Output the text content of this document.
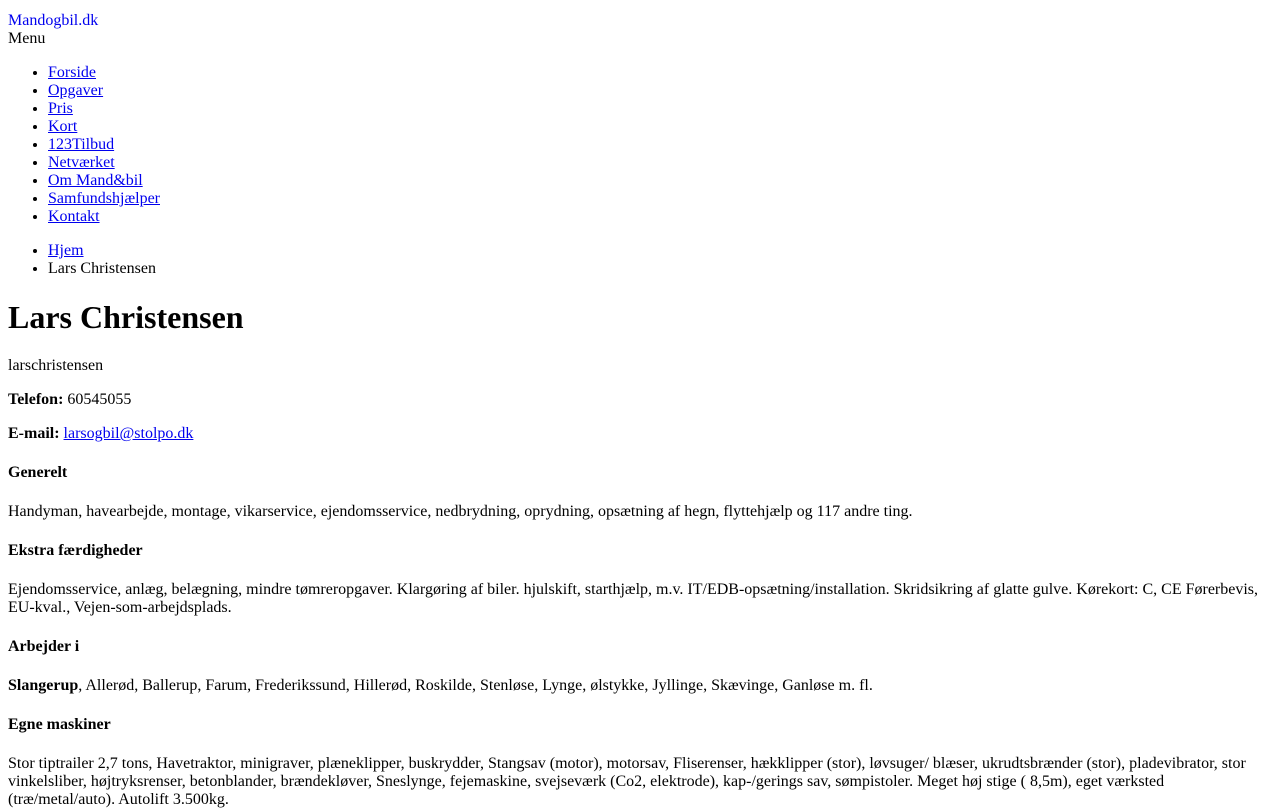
Mandogbil.dk
Menu
• Forside
• Opgaver
• Pris
• Kort
• 123Tilbud
• Netværket
• Om Mand&bil
• Samfundshjælper
• Kontakt
• Hjem
• Lars Christensen
Lars Christensen

larschristensen

Telefon: 60545055

E-mail: larsogbil@stolpo.dk

Generelt

Handyman, havearbejde, montage, vikarservice, ejendomsservice, nedbrydning, oprydning, opsætning af hegn, flyttehjælp og 117 andre ting.

Ekstra færdigheder

Ejendomsservice, anlæg, belægning, mindre tømreropgaver. Klargøring af biler. hjulskift, starthjælp, m.v. IT/EDB-opsætning/installation. Skridsikring af glatte gulve. Kørekort: C, CE Førerbevis, EU-kval., Vejen-som-arbejdsplads.

Arbejder i

Slangerup, Allerød, Ballerup, Farum, Frederikssund, Hillerød, Roskilde, Stenløse, Lynge, ølstykke, Jyllinge, Skævinge, Ganløse m. fl.

Egne maskiner

Stor tiptrailer 2,7 tons, Havetraktor, minigraver, plæneklipper, buskrydder, Stangsav (motor), motorsav, Fliserenser, hækklipper (stor), løvsuger/ blæser, ukrudtsbrænder (stor), pladevibrator, stor vinkelsliber, højtryksrenser, betonblander, brændekløver, Sneslynge, fejemaskine, svejseværk (Co2, elektrode), kap-/gerings sav, sømpistoler. Meget høj stige ( 8,5m), eget værksted (træ/metal/auto). Autolift 3.500kg.
